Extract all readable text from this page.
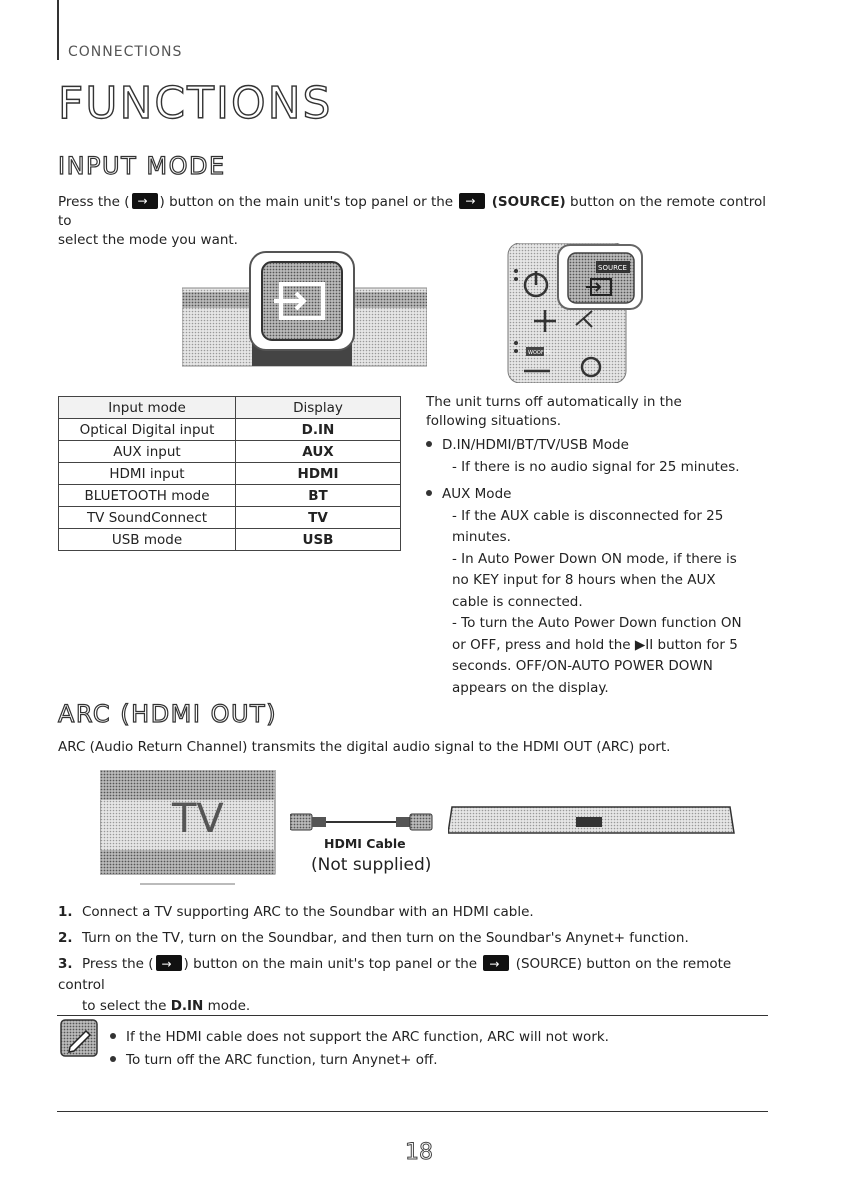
CONNECTIONS
FUNCTIONS
INPUT MODE
Press the ( → ) button on the main unit's top panel or the →	(SOURCE) button on the remote control to
select the mode you want.
WOOFER
SOURCE
Input mode	Display
Optical Digital input	D.IN
AUX input	AUX
HDMI input	HDMI
BLUETOOTH mode	BT
TV SoundConnect	TV
USB mode	USB
The unit turns off automatically in the following situations.
D.IN/HDMI/BT/TV/USB Mode
- If there is no audio signal for 25 minutes.
AUX Mode
- If the AUX cable is disconnected for 25 minutes.
- In Auto Power Down ON mode, if there is no KEY input for 8 hours when the AUX cable is connected.
- To turn the Auto Power Down function ON or OFF, press and hold the ▶II button for 5 seconds. OFF/ON-AUTO POWER DOWN appears on the display.
ARC (HDMI OUT)
ARC (Audio Return Channel) transmits the digital audio signal to the HDMI OUT (ARC) port.
TV
HDMI Cable
(Not supplied)
1. Connect a TV supporting ARC to the Soundbar with an HDMI cable.
2. Turn on the TV, turn on the Soundbar, and then turn on the Soundbar's Anynet+ function.
3. Press the ( → ) button on the main unit's top panel or the →	(SOURCE) button on the remote control
to select the D.IN mode.
If the HDMI cable does not support the ARC function, ARC will not work.
To turn off the ARC function, turn Anynet+ off.
18
